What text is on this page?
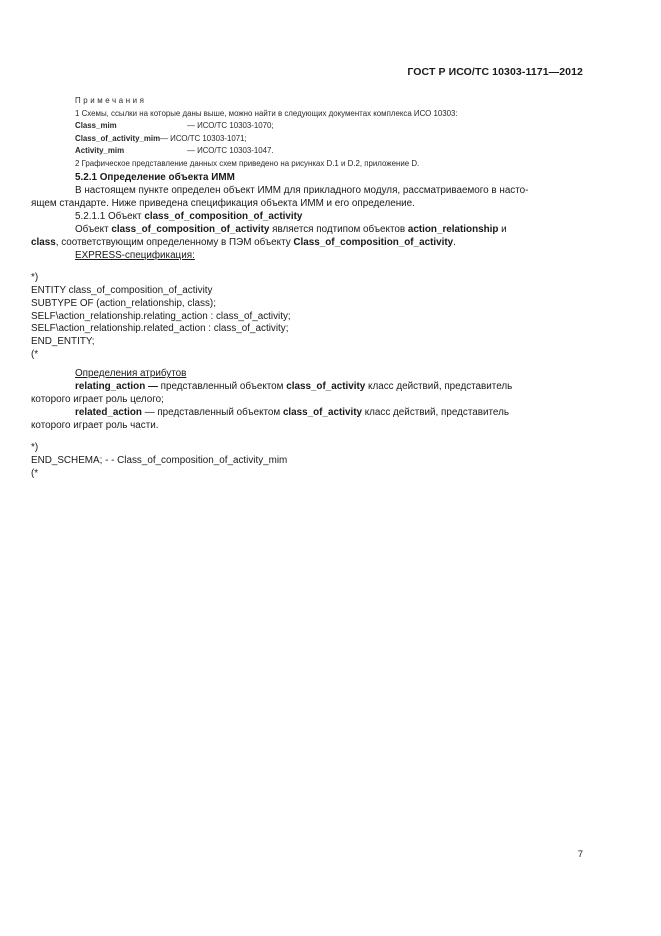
ГОСТ Р ИСО/ТС 10303-1171—2012
Примечания
1 Схемы, ссылки на которые даны выше, можно найти в следующих документах комплекса ИСО 10303:
Class_mim	— ИСО/ТС 10303-1070;
Class_of_activity_mim — ИСО/ТС 10303-1071;
Activity_mim	— ИСО/ТС 10303-1047.
2 Графическое представление данных схем приведено на рисунках D.1 и D.2, приложение D.
5.2.1 Определение объекта ИММ
В настоящем пункте определен объект ИММ для прикладного модуля, рассматриваемого в насто-
ящем стандарте. Ниже приведена спецификация объекта ИММ и его определение.
5.2.1.1 Объект class_of_composition_of_activity
Объект class_of_composition_of_activity является подтипом объектов action_relationship и
class, соответствующим определенному в ПЭМ объекту Class_of_composition_of_activity.
EXPRESS-спецификация:
*)
ENTITY class_of_composition_of_activity
SUBTYPE OF (action_relationship, class);
SELF\action_relationship.relating_action : class_of_activity;
SELF\action_relationship.related_action : class_of_activity;
END_ENTITY;
(*
Определения атрибутов
relating_action — представленный объектом class_of_activity класс действий, представитель
которого играет роль целого;
related_action — представленный объектом class_of_activity класс действий, представитель
которого играет роль части.
*)
END_SCHEMA; - - Class_of_composition_of_activity_mim
(*
7
